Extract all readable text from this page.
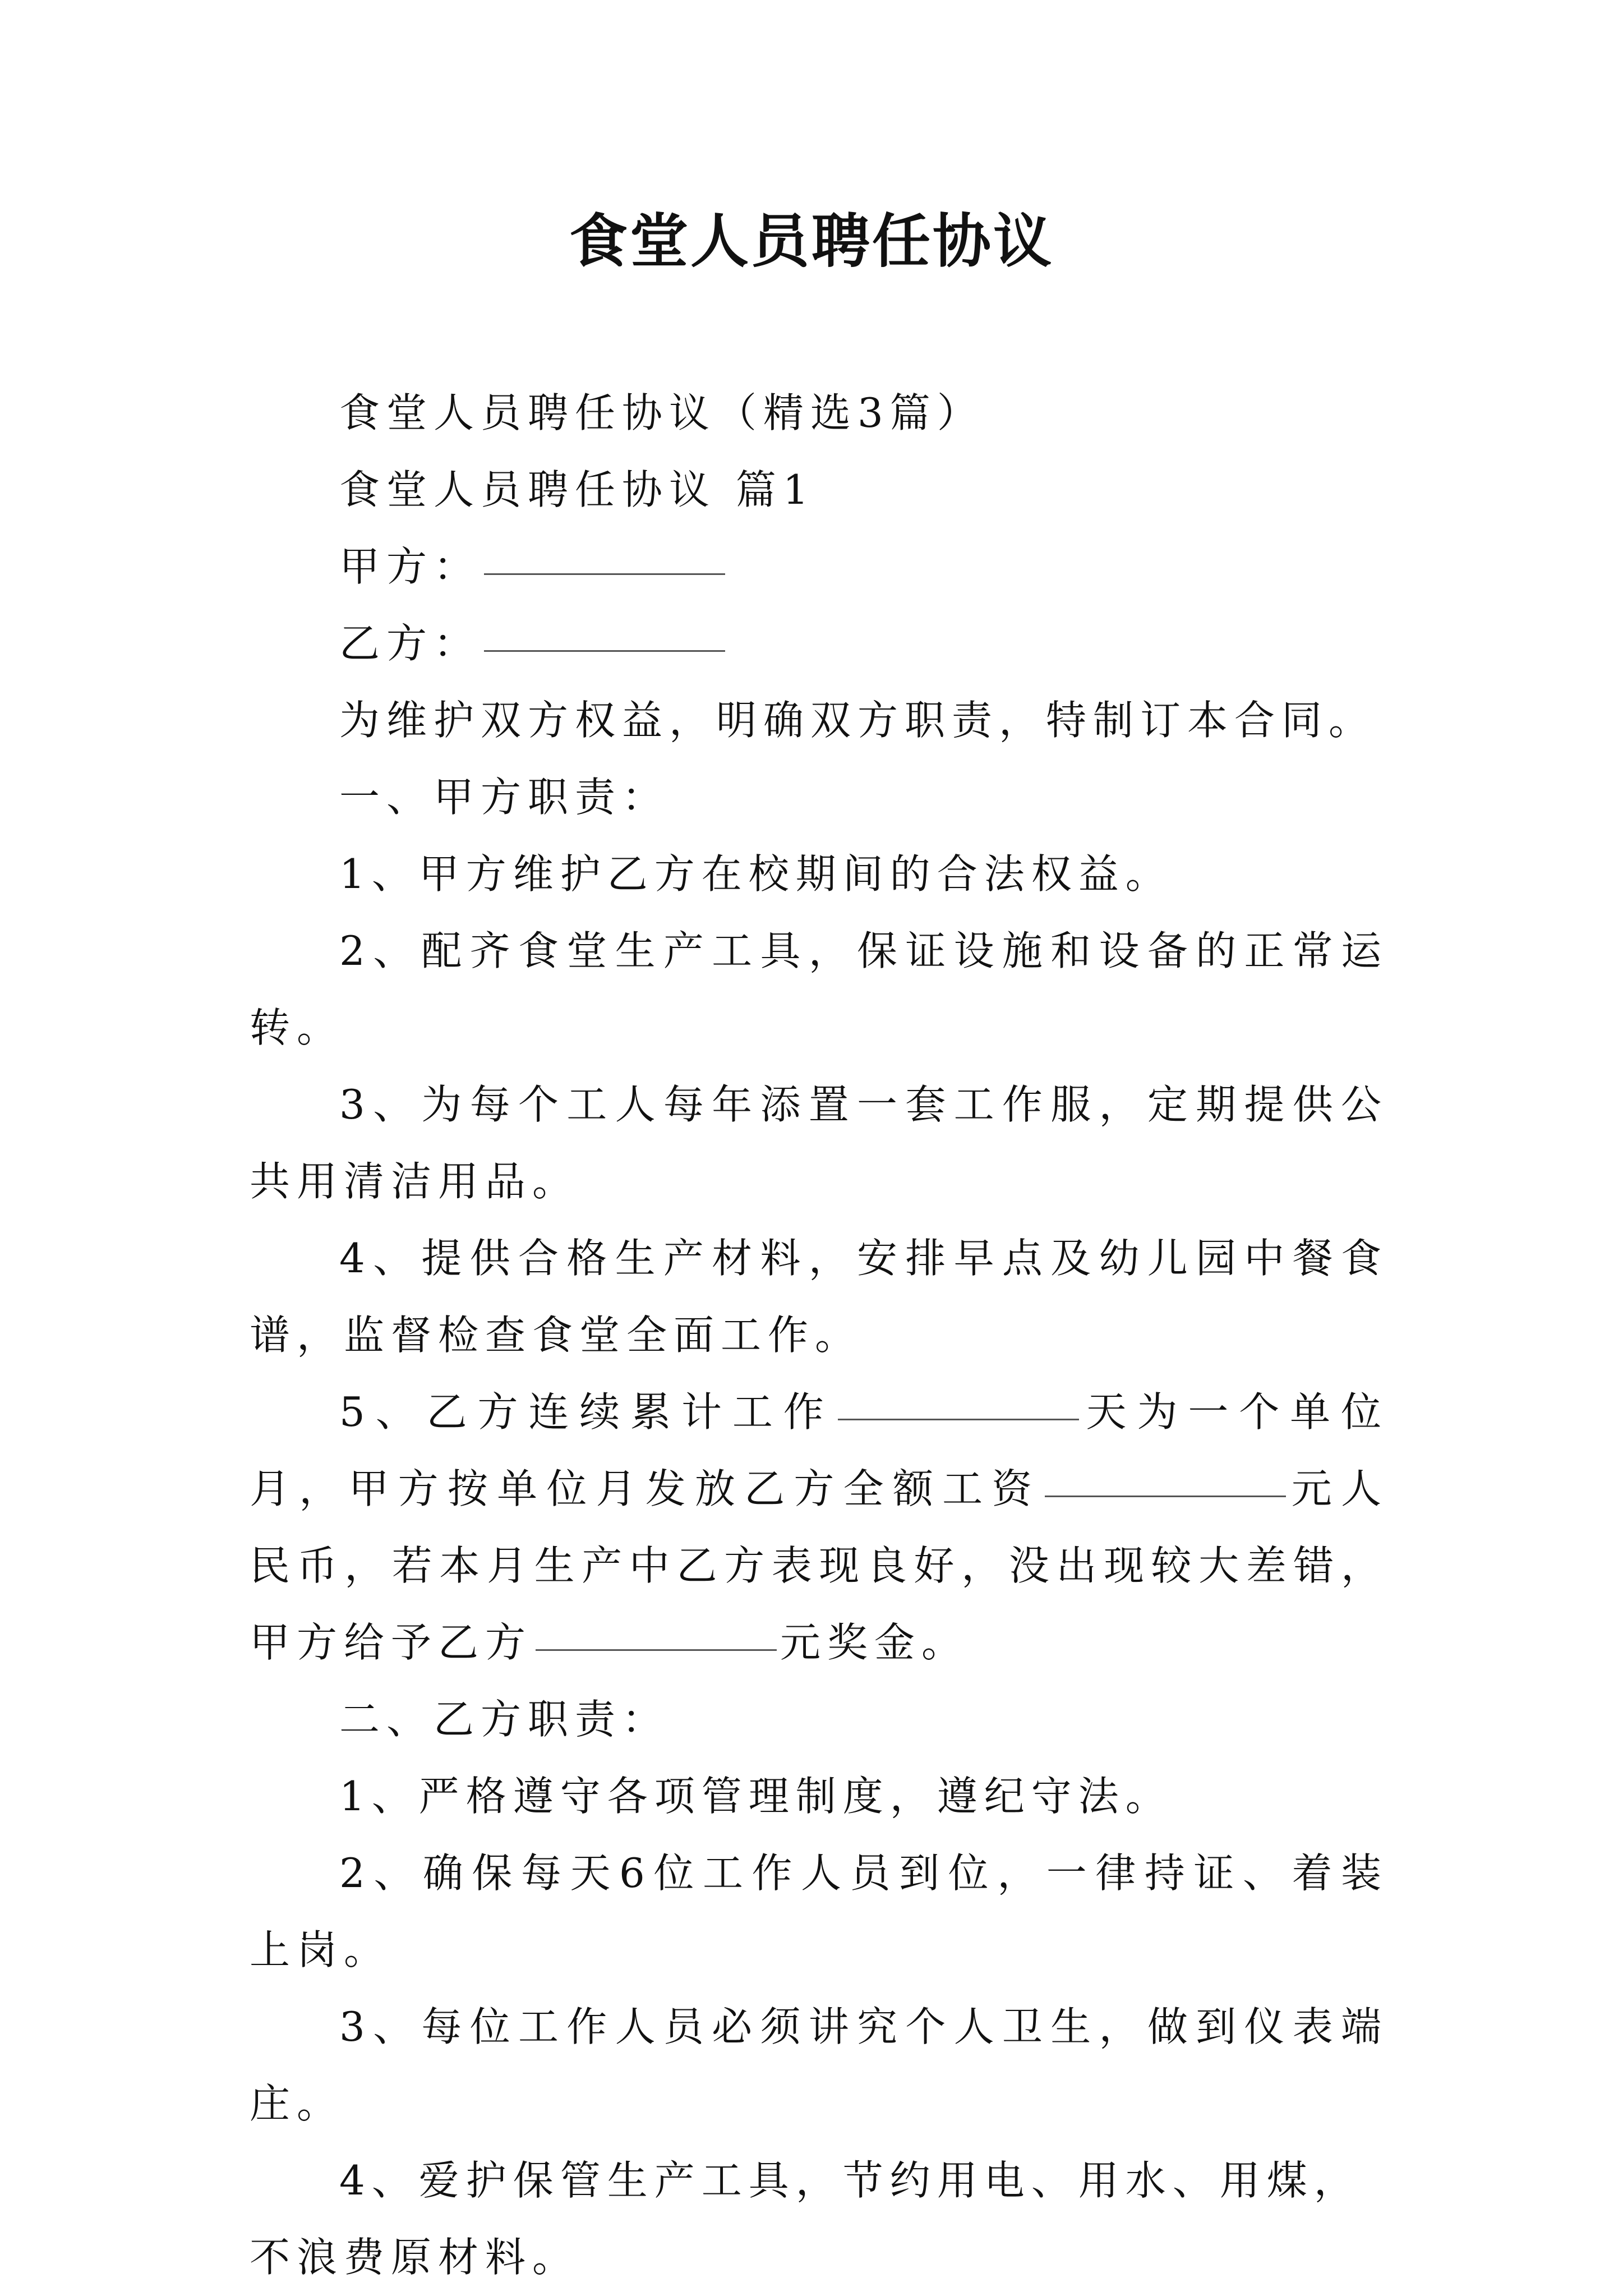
食堂人员聘任协议

食堂人员聘任协议（精选3篇）

食堂人员聘任协议 篇1

甲方：

乙方：

为维护双方权益，明确双方职责，特制订本合同。

一、甲方职责：

1、甲方维护乙方在校期间的合法权益。

2、配齐食堂生产工具，保证设施和设备的正常运转。

3、为每个工人每年添置一套工作服，定期提供公共用清洁用品。

4、提供合格生产材料，安排早点及幼儿园中餐食谱，监督检查食堂全面工作。

5、乙方连续累计工作	天为一个单位月，甲方按单位月发放乙方全额工资	元人民币，若本月生产中乙方表现良好，没出现较大差错，甲方给予乙方	元奖金。

二、乙方职责：

1、严格遵守各项管理制度，遵纪守法。

2、确保每天6位工作人员到位，一律持证、着装上岗。

3、每位工作人员必须讲究个人卫生，做到仪表端庄。

4、爱护保管生产工具，节约用电、用水、用煤，不浪费原材料。
